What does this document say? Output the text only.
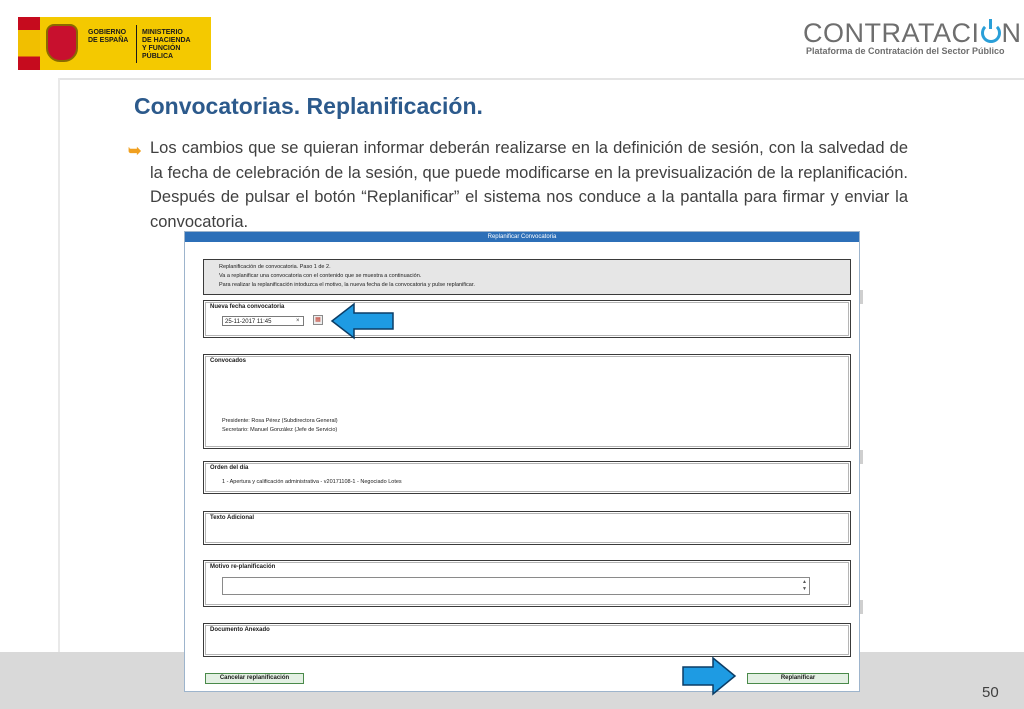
GOBIERNO
DE ESPAÑA
MINISTERIO
DE HACIENDA
Y FUNCIÓN PÚBLICA
CONTRATACI N
Plataforma de Contratación del Sector Público
Convocatorias. Replanificación.
➥ Los cambios que se quieran informar deberán realizarse en la definición de sesión, con la salvedad de la fecha de celebración de la sesión, que puede modificarse en la previsualización de la replanificación. Después de pulsar el botón “Replanificar” el sistema nos conduce a la pantalla para firmar y enviar la convocatoria.
50
Replanificar Convocatoria
Replanificación de convocatoria. Paso 1 de 2.
Va a replanificar una convocatoria con el contenido que se muestra a continuación.
Para realizar la replanificación intoduzca el motivo, la nueva fecha de la convocatoria y pulse replanificar.
Nueva fecha convocatoria
25-11-2017 11:45	×	▦
Convocados
Presidente: Rosa Pérez (Subdirectora General)
Secretario: Manuel González (Jefe de Servicio)
Orden del día
1 - Apertura y calificación administrativa - v20171108-1 - Negociado Lotes
Texto Adicional
Motivo re-planificación
▲
▼
Documento Anexado
Cancelar replanificación	Replanificar
